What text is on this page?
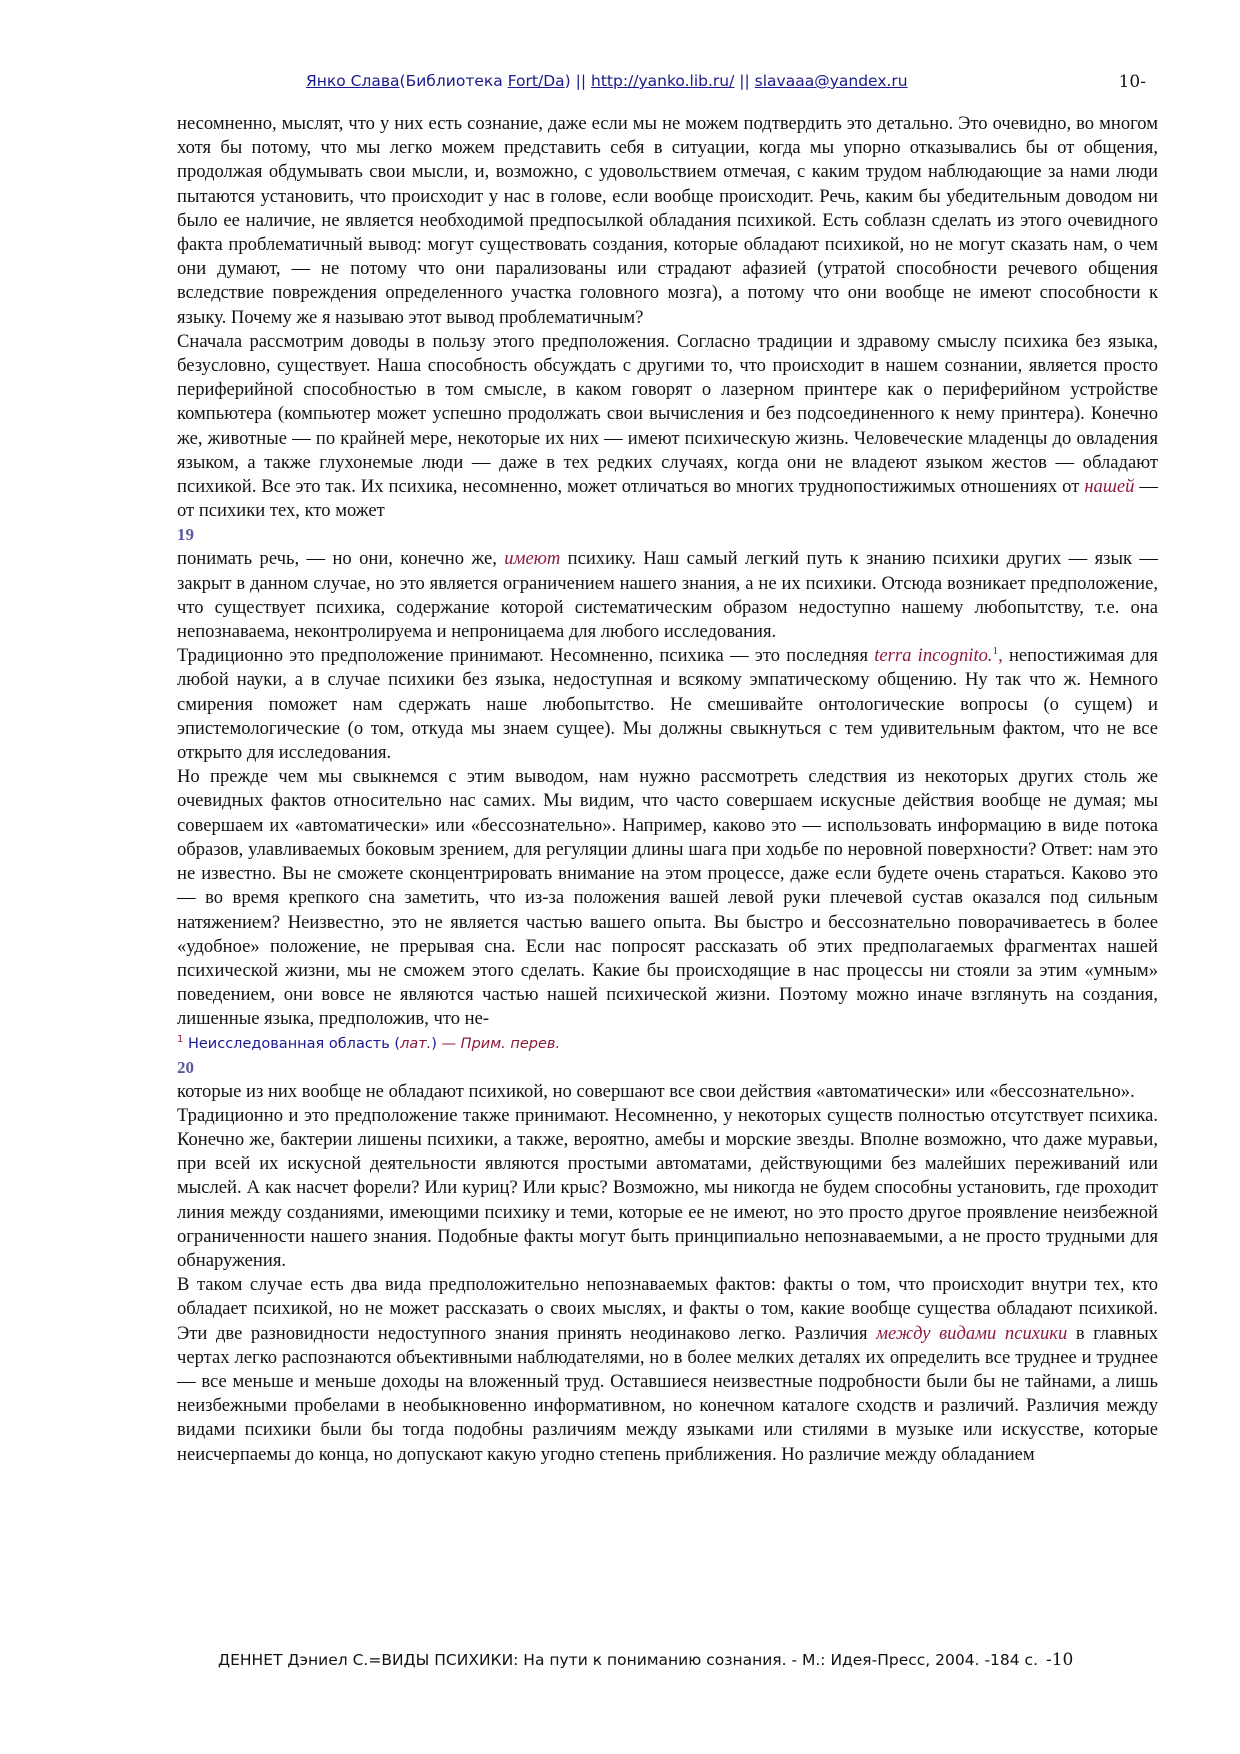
Янко Слава(Библиотека Fort/Da) || http://yanko.lib.ru/ || slavaaa@yandex.ru	10-

несомненно, мыслят, что у них есть сознание, даже если мы не можем подтвердить это детально. Это очевидно, во многом хотя бы потому, что мы легко можем представить себя в ситуации, когда мы упорно отказывались бы от общения, продолжая обдумывать свои мысли, и, возможно, с удовольствием отмечая, с каким трудом наблюдающие за нами люди пытаются установить, что происходит у нас в голове, если вообще происходит. Речь, каким бы убедительным доводом ни было ее наличие, не является необходимой предпосылкой обладания психикой. Есть соблазн сделать из этого очевидного факта проблематичный вывод: могут существовать создания, которые обладают психикой, но не могут сказать нам, о чем они думают, — не потому что они парализованы или страдают афазией (утратой способности речевого общения вследствие повреждения определенного участка головного мозга), а потому что они вообще не имеют способности к языку. Почему же я называю этот вывод проблематичным?

Сначала рассмотрим доводы в пользу этого предположения. Согласно традиции и здравому смыслу психика без языка, безусловно, существует. Наша способность обсуждать с другими то, что происходит в нашем сознании, является просто периферийной способностью в том смысле, в каком говорят о лазерном принтере как о периферийном устройстве компьютера (компьютер может успешно продолжать свои вычисления и без подсоединенного к нему принтера). Конечно же, животные — по крайней мере, некоторые их них — имеют психическую жизнь. Человеческие младенцы до овладения языком, а также глухонемые люди — даже в тех редких случаях, когда они не владеют языком жестов — обладают психикой. Все это так. Их психика, несомненно, может отличаться во многих труднопостижимых отношениях от нашей — от психики тех, кто может

19

понимать речь, — но они, конечно же, имеют психику. Наш самый легкий путь к знанию психики других — язык — закрыт в данном случае, но это является ограничением нашего знания, а не их психики. Отсюда возникает предположение, что существует психика, содержание которой систематическим образом недоступно нашему любопытству, т.е. она непознаваема, неконтролируема и непроницаема для любого исследования.

Традиционно это предположение принимают. Несомненно, психика — это последняя terra incognito.$^1$, непостижимая для любой науки, а в случае психики без языка, недоступная и всякому эмпатическому общению. Ну так что ж. Немного смирения поможет нам сдержать наше любопытство. Не смешивайте онтологические вопросы (о сущем) и эпистемологические (о том, откуда мы знаем сущее). Мы должны свыкнуться с тем удивительным фактом, что не все открыто для исследования.

Но прежде чем мы свыкнемся с этим выводом, нам нужно рассмотреть следствия из некоторых других столь же очевидных фактов относительно нас самих. Мы видим, что часто совершаем искусные действия вообще не думая; мы совершаем их «автоматически» или «бессознательно». Например, каково это — использовать информацию в виде потока образов, улавливаемых боковым зрением, для регуляции длины шага при ходьбе по неровной поверхности? Ответ: нам это не известно. Вы не сможете сконцентрировать внимание на этом процессе, даже если будете очень стараться. Каково это — во время крепкого сна заметить, что из-за положения вашей левой руки плечевой сустав оказался под сильным натяжением? Неизвестно, это не является частью вашего опыта. Вы быстро и бессознательно поворачиваетесь в более «удобное» положение, не прерывая сна. Если нас попросят рассказать об этих предполагаемых фрагментах нашей психической жизни, мы не сможем этого сделать. Какие бы происходящие в нас процессы ни стояли за этим «умным» поведением, они вовсе не являются частью нашей психической жизни. Поэтому можно иначе взглянуть на создания, лишенные языка, предположив, что не-

$^1$ Неисследованная область (лат.) — Прим. перев.
20

которые из них вообще не обладают психикой, но совершают все свои действия «автоматически» или «бессознательно».

Традиционно и это предположение также принимают. Несомненно, у некоторых существ полностью отсутствует психика. Конечно же, бактерии лишены психики, а также, вероятно, амебы и морские звезды. Вполне возможно, что даже муравьи, при всей их искусной деятельности являются простыми автоматами, действующими без малейших переживаний или мыслей. А как насчет форели? Или куриц? Или крыс? Возможно, мы никогда не будем способны установить, где проходит линия между созданиями, имеющими психику и теми, которые ее не имеют, но это просто другое проявление неизбежной ограниченности нашего знания. Подобные факты могут быть принципиально непознаваемыми, а не просто трудными для обнаружения.

В таком случае есть два вида предположительно непознаваемых фактов: факты о том, что происходит внутри тех, кто обладает психикой, но не может рассказать о своих мыслях, и факты о том, какие вообще существа обладают психикой. Эти две разновидности недоступного знания принять неодинаково легко. Различия между видами психики в главных чертах легко распознаются объективными наблюдателями, но в более мелких деталях их определить все труднее и труднее — все меньше и меньше доходы на вложенный труд. Оставшиеся неизвестные подробности были бы не тайнами, а лишь неизбежными пробелами в необыкновенно информативном, но конечном каталоге сходств и различий. Различия между видами психики были бы тогда подобны различиям между языками или стилями в музыке или искусстве, которые неисчерпаемы до конца, но допускают какую угодно степень приближения. Но различие между обладанием

ДЕННЕТ Дэниел С.=ВИДЫ ПСИХИКИ: На пути к пониманию сознания. - М.: Идея-Пресс, 2004. -184 с. -10
